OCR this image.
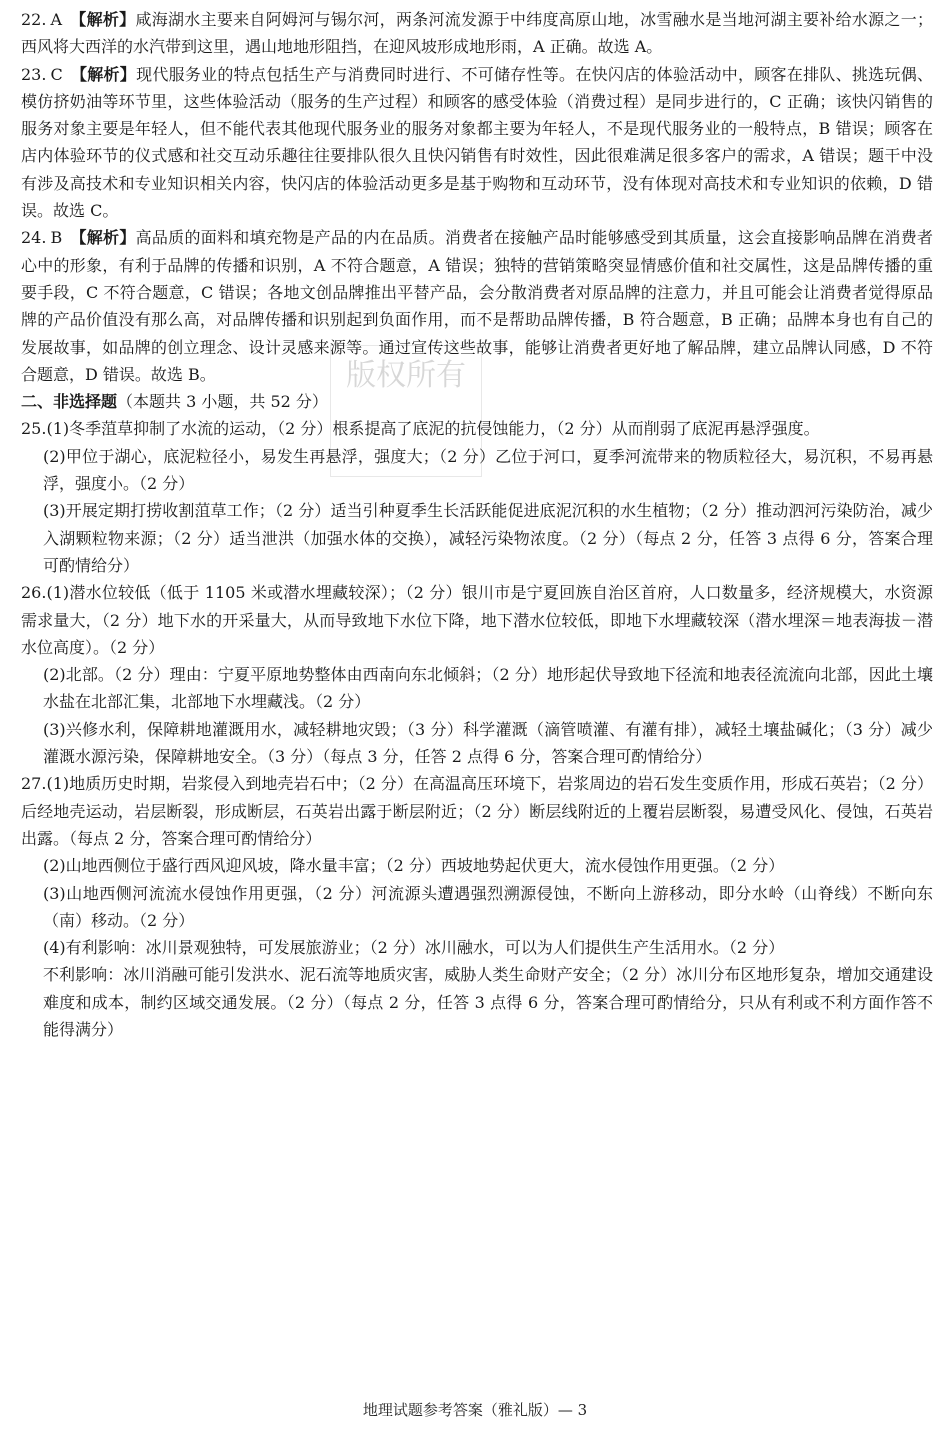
版权所有

22. A 【解析】咸海湖水主要来自阿姆河与锡尔河，两条河流发源于中纬度高原山地，冰雪融水是当地河湖主要补给水源之一；西风将大西洋的水汽带到这里，遇山地地形阻挡，在迎风坡形成地形雨，A 正确。故选 A。

23. C 【解析】现代服务业的特点包括生产与消费同时进行、不可储存性等。在快闪店的体验活动中，顾客在排队、挑选玩偶、模仿挤奶油等环节里，这些体验活动（服务的生产过程）和顾客的感受体验（消费过程）是同步进行的，C 正确；该快闪销售的服务对象主要是年轻人，但不能代表其他现代服务业的服务对象都主要为年轻人，不是现代服务业的一般特点，B 错误；顾客在店内体验环节的仪式感和社交互动乐趣往往要排队很久且快闪销售有时效性，因此很难满足很多客户的需求，A 错误；题干中没有涉及高技术和专业知识相关内容，快闪店的体验活动更多是基于购物和互动环节，没有体现对高技术和专业知识的依赖，D 错误。故选 C。

24. B 【解析】高品质的面料和填充物是产品的内在品质。消费者在接触产品时能够感受到其质量，这会直接影响品牌在消费者心中的形象，有利于品牌的传播和识别，A 不符合题意，A 错误；独特的营销策略突显情感价值和社交属性，这是品牌传播的重要手段，C 不符合题意，C 错误；各地文创品牌推出平替产品，会分散消费者对原品牌的注意力，并且可能会让消费者觉得原品牌的产品价值没有那么高，对品牌传播和识别起到负面作用，而不是帮助品牌传播，B 符合题意，B 正确；品牌本身也有自己的发展故事，如品牌的创立理念、设计灵感来源等。通过宣传这些故事，能够让消费者更好地了解品牌，建立品牌认同感，D 不符合题意，D 错误。故选 B。

二、非选择题（本题共 3 小题，共 52 分）

25.(1)冬季菹草抑制了水流的运动，（2 分）根系提高了底泥的抗侵蚀能力，（2 分）从而削弱了底泥再悬浮强度。

(2)甲位于湖心，底泥粒径小，易发生再悬浮，强度大；（2 分）乙位于河口，夏季河流带来的物质粒径大，易沉积，不易再悬浮，强度小。（2 分）

(3)开展定期打捞收割菹草工作；（2 分）适当引种夏季生长活跃能促进底泥沉积的水生植物；（2 分）推动泗河污染防治，减少入湖颗粒物来源；（2 分）适当泄洪（加强水体的交换），减轻污染物浓度。（2 分）（每点 2 分，任答 3 点得 6 分，答案合理可酌情给分）

26.(1)潜水位较低（低于 1105 米或潜水埋藏较深）；（2 分）银川市是宁夏回族自治区首府，人口数量多，经济规模大，水资源需求量大，（2 分）地下水的开采量大，从而导致地下水位下降，地下潜水位较低，即地下水埋藏较深（潜水埋深＝地表海拔－潜水位高度）。（2 分）

(2)北部。（2 分）理由：宁夏平原地势整体由西南向东北倾斜；（2 分）地形起伏导致地下径流和地表径流流向北部，因此土壤水盐在北部汇集，北部地下水埋藏浅。（2 分）

(3)兴修水利，保障耕地灌溉用水，减轻耕地灾毁；（3 分）科学灌溉（滴管喷灌、有灌有排），减轻土壤盐碱化；（3 分）减少灌溉水源污染，保障耕地安全。（3 分）（每点 3 分，任答 2 点得 6 分，答案合理可酌情给分）

27.(1)地质历史时期，岩浆侵入到地壳岩石中；（2 分）在高温高压环境下，岩浆周边的岩石发生变质作用，形成石英岩；（2 分）后经地壳运动，岩层断裂，形成断层，石英岩出露于断层附近；（2 分）断层线附近的上覆岩层断裂，易遭受风化、侵蚀，石英岩出露。（每点 2 分，答案合理可酌情给分）

(2)山地西侧位于盛行西风迎风坡，降水量丰富；（2 分）西坡地势起伏更大，流水侵蚀作用更强。（2 分）

(3)山地西侧河流流水侵蚀作用更强，（2 分）河流源头遭遇强烈溯源侵蚀，不断向上游移动，即分水岭（山脊线）不断向东（南）移动。（2 分）

(4)有利影响：冰川景观独特，可发展旅游业；（2 分）冰川融水，可以为人们提供生产生活用水。（2 分）

不利影响：冰川消融可能引发洪水、泥石流等地质灾害，威胁人类生命财产安全；（2 分）冰川分布区地形复杂，增加交通建设难度和成本，制约区域交通发展。（2 分）（每点 2 分，任答 3 点得 6 分，答案合理可酌情给分，只从有利或不利方面作答不能得满分）

地理试题参考答案（雅礼版）— 3
